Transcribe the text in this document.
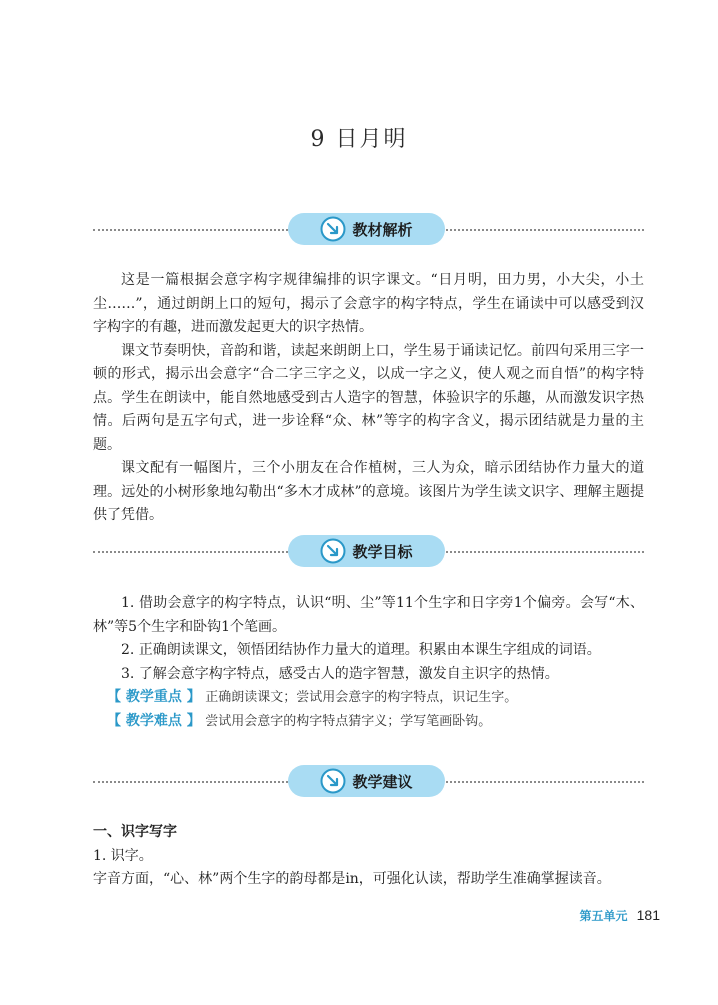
9 日月明
教材解析

这是一篇根据会意字构字规律编排的识字课文。“日月明，田力男，小大尖，小土尘……”，通过朗朗上口的短句，揭示了会意字的构字特点，学生在诵读中可以感受到汉字构字的有趣，进而激发起更大的识字热情。

课文节奏明快，音韵和谐，读起来朗朗上口，学生易于诵读记忆。前四句采用三字一顿的形式，揭示出会意字“合二字三字之义，以成一字之义，使人观之而自悟”的构字特点。学生在朗读中，能自然地感受到古人造字的智慧，体验识字的乐趣，从而激发识字热情。后两句是五字句式，进一步诠释“众、林”等字的构字含义，揭示团结就是力量的主题。

课文配有一幅图片，三个小朋友在合作植树，三人为众，暗示团结协作力量大的道理。远处的小树形象地勾勒出“多木才成林”的意境。该图片为学生读文识字、理解主题提供了凭借。

教学目标

1. 借助会意字的构字特点，认识“明、尘”等11个生字和日字旁1个偏旁。会写“木、林”等5个生字和卧钩1个笔画。

2. 正确朗读课文，领悟团结协作力量大的道理。积累由本课生字组成的词语。

3. 了解会意字构字特点，感受古人的造字智慧，激发自主识字的热情。

【 教学重点 】 正确朗读课文；尝试用会意字的构字特点，识记生字。

【 教学难点 】 尝试用会意字的构字特点猜字义；学写笔画卧钩。

教学建议

一、识字写字

1. 识字。

字音方面，“心、林”两个生字的韵母都是in，可强化认读，帮助学生准确掌握读音。

第五单元 181
